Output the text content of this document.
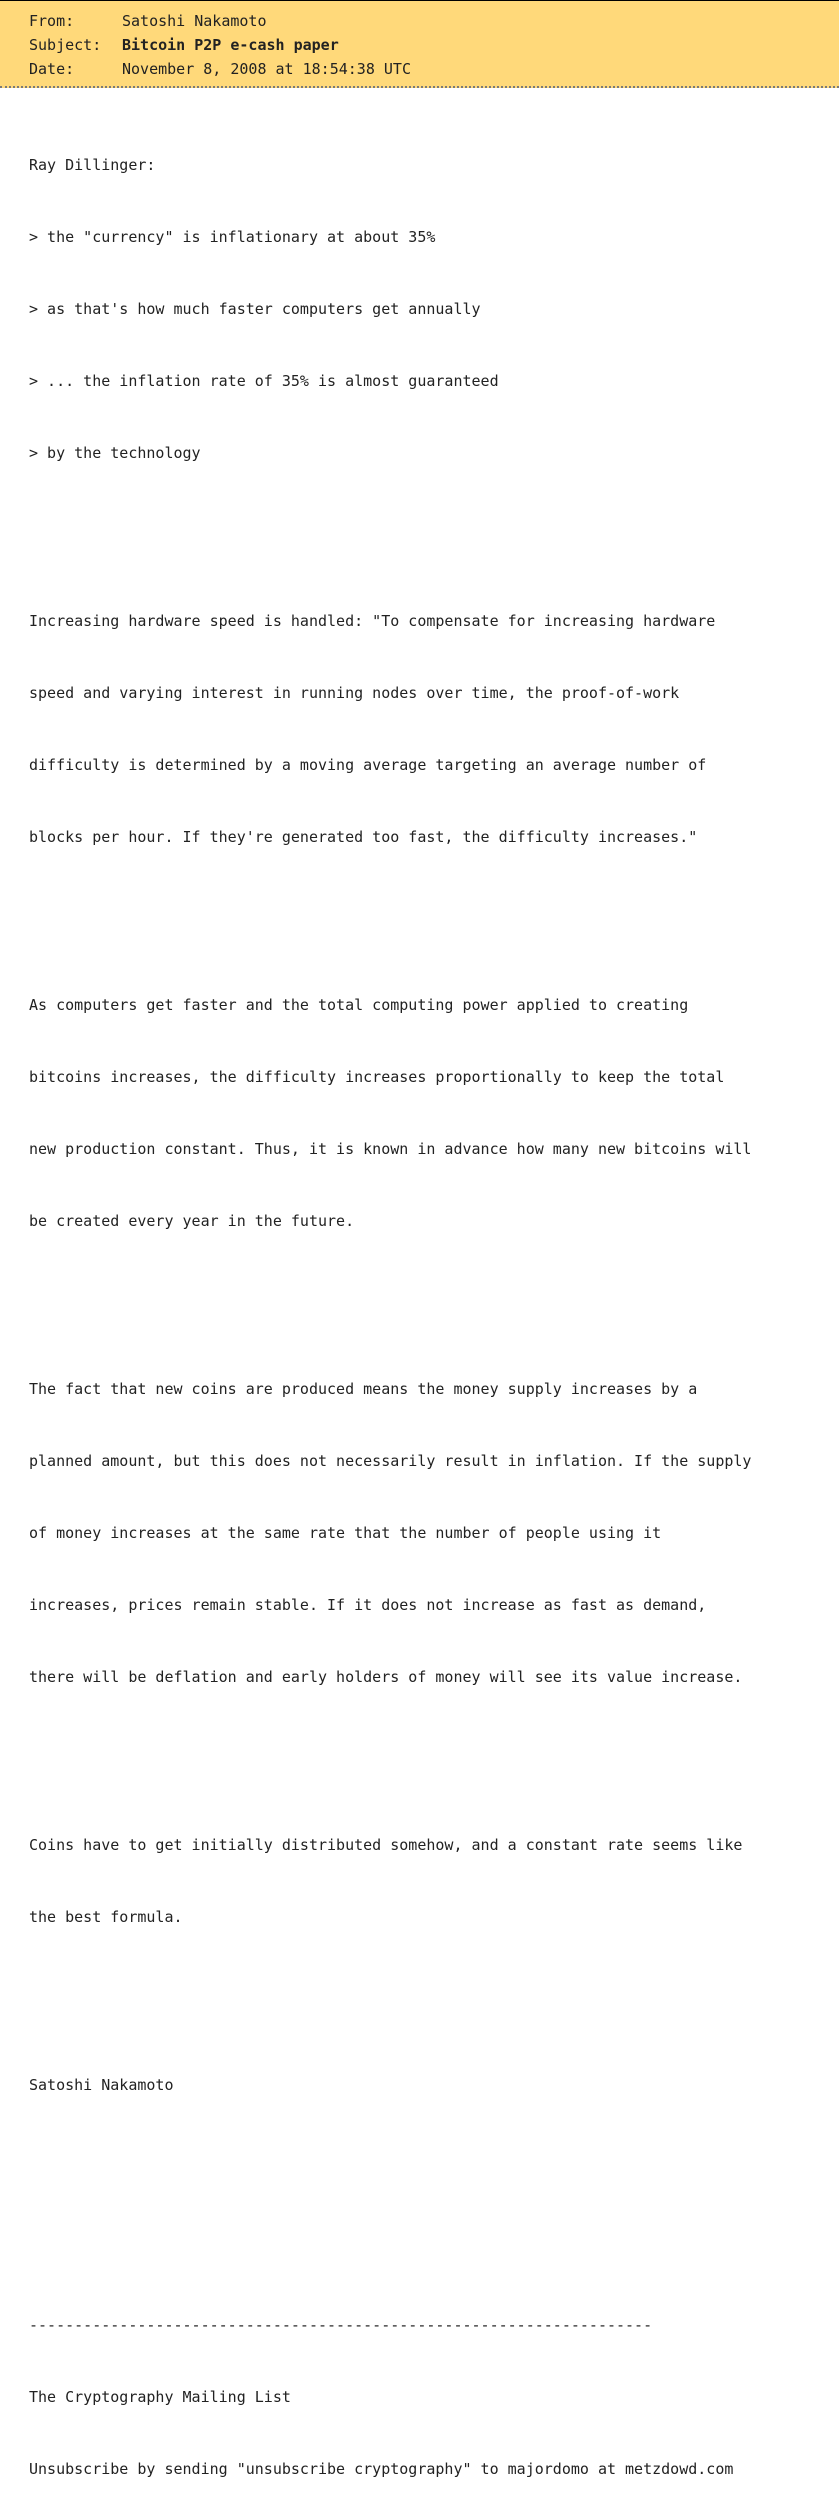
From:	Satoshi Nakamoto
Subject:	Bitcoin P2P e-cash paper
Date:	November 8, 2008 at 18:54:38 UTC

Ray Dillinger:

> the "currency" is inflationary at about 35%

> as that's how much faster computers get annually

> ... the inflation rate of 35% is almost guaranteed

> by the technology

Increasing hardware speed is handled: "To compensate for increasing hardware

speed and varying interest in running nodes over time, the proof-of-work

difficulty is determined by a moving average targeting an average number of

blocks per hour. If they're generated too fast, the difficulty increases."

As computers get faster and the total computing power applied to creating

bitcoins increases, the difficulty increases proportionally to keep the total

new production constant. Thus, it is known in advance how many new bitcoins will

be created every year in the future.

The fact that new coins are produced means the money supply increases by a

planned amount, but this does not necessarily result in inflation. If the supply

of money increases at the same rate that the number of people using it

increases, prices remain stable. If it does not increase as fast as demand,

there will be deflation and early holders of money will see its value increase.

Coins have to get initially distributed somehow, and a constant rate seems like

the best formula.

Satoshi Nakamoto

---------------------------------------------------------------------

The Cryptography Mailing List

Unsubscribe by sending "unsubscribe cryptography" to majordomo at metzdowd.com
